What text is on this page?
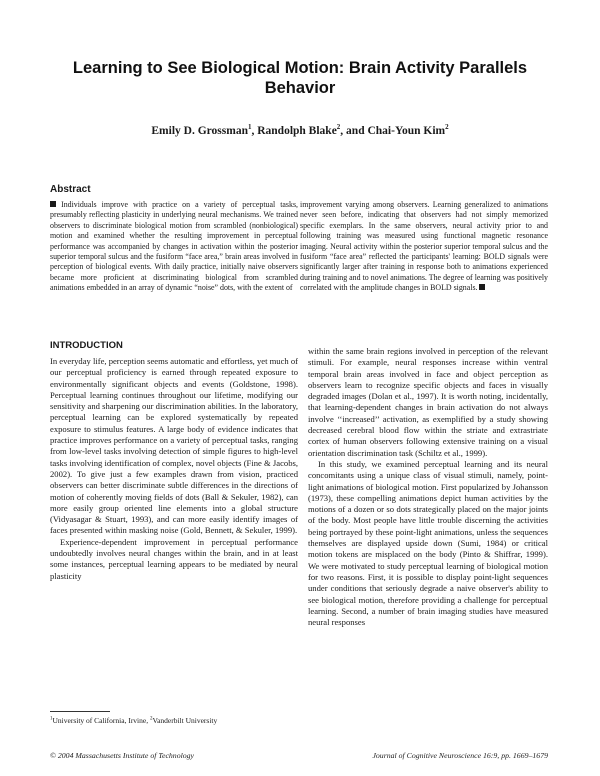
Learning to See Biological Motion: Brain Activity Parallels Behavior
Emily D. Grossman$^1$, Randolph Blake$^2$, and Chai-Youn Kim$^2$
Abstract

Individuals improve with practice on a variety of perceptual tasks, presumably reflecting plasticity in underlying neural mechanisms. We trained observers to discriminate biological motion from scrambled (nonbiological) motion and examined whether the resulting improvement in perceptual performance was accompanied by changes in activation within the posterior superior temporal sulcus and the fusiform “face area,” brain areas involved in perception of biological events. With daily practice, initially naive observers became more proficient at discriminating biological from scrambled animations embedded in an array of dynamic “noise” dots, with the extent of

improvement varying among observers. Learning generalized to animations never seen before, indicating that observers had not simply memorized specific exemplars. In the same observers, neural activity prior to and following training was measured using functional magnetic resonance imaging. Neural activity within the posterior superior temporal sulcus and the fusiform “face area” reflected the participants' learning: BOLD signals were significantly larger after training in response both to animations experienced during training and to novel animations. The degree of learning was positively correlated with the amplitude changes in BOLD signals.

INTRODUCTION

In everyday life, perception seems automatic and effortless, yet much of our perceptual proficiency is earned through repeated exposure to environmentally significant objects and events (Goldstone, 1998). Perceptual learning continues throughout our lifetime, modifying our sensitivity and sharpening our discrimination abilities. In the laboratory, perceptual learning can be explored systematically by repeated exposure to stimulus features. A large body of evidence indicates that practice improves performance on a variety of perceptual tasks, ranging from low-level tasks involving detection of simple figures to high-level tasks involving identification of complex, novel objects (Fine & Jacobs, 2002). To give just a few examples drawn from vision, practiced observers can better discriminate subtle differences in the directions of motion of coherently moving fields of dots (Ball & Sekuler, 1982), can more easily group oriented line elements into a global structure (Vidyasagar & Stuart, 1993), and can more easily identify images of faces presented within masking noise (Gold, Bennett, & Sekuler, 1999).

Experience-dependent improvement in perceptual performance undoubtedly involves neural changes within the brain, and in at least some instances, perceptual learning appears to be mediated by neural plasticity

within the same brain regions involved in perception of the relevant stimuli. For example, neural responses increase within ventral temporal brain areas involved in face and object perception as observers learn to recognize specific objects and faces in visually degraded images (Dolan et al., 1997). It is worth noting, incidentally, that learning-dependent changes in brain activation do not always involve ‘‘increased’’ activation, as exemplified by a study showing decreased cerebral blood flow within the striate and extrastriate cortex of human observers following extensive training on a visual orientation discrimination task (Schiltz et al., 1999).

In this study, we examined perceptual learning and its neural concomitants using a unique class of visual stimuli, namely, point-light animations of biological motion. First popularized by Johansson (1973), these compelling animations depict human activities by the motions of a dozen or so dots strategically placed on the major joints of the body. Most people have little trouble discerning the activities being portrayed by these point-light animations, unless the sequences themselves are displayed upside down (Sumi, 1984) or critical motion tokens are misplaced on the body (Pinto & Shiffrar, 1999). We were motivated to study perceptual learning of biological motion for two reasons. First, it is possible to display point-light sequences under conditions that seriously degrade a naive observer's ability to see biological motion, therefore providing a challenge for perceptual learning. Second, a number of brain imaging studies have measured neural responses

$^1$University of California, Irvine, $^2$Vanderbilt University
© 2004 Massachusetts Institute of Technology	Journal of Cognitive Neuroscience 16:9, pp. 1669–1679
